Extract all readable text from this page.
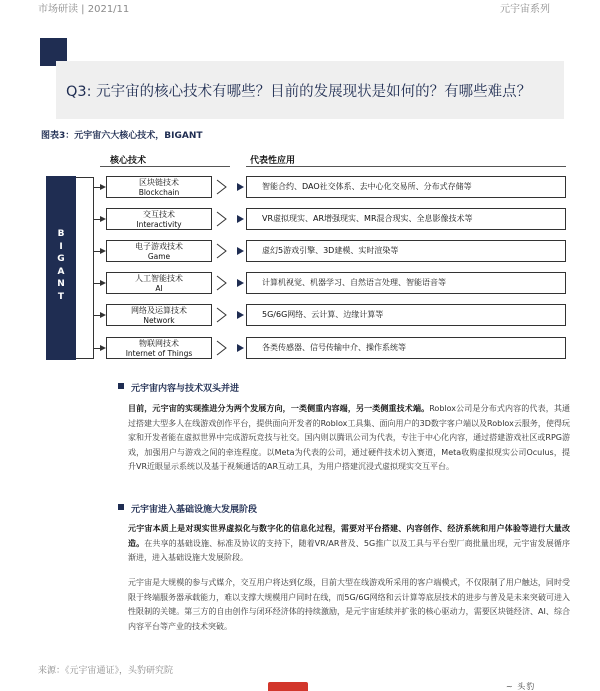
市场研读 | 2021/11	元宇宙系列
Q3: 元宇宙的核心技术有哪些？目前的发展现状是如何的？有哪些难点？
图表3：元宇宙六大核心技术，BIGANT
核心技术	代表性应用
B
I
G
A
N
T
区块链技术
Blockchain
智能合约、DAO社交体系、去中心化交易所、分布式存储等
交互技术
Interactivity
VR虚拟现实、AR增强现实、MR混合现实、全息影像技术等
电子游戏技术
Game
虚幻5游戏引擎、3D建模、实时渲染等
人工智能技术
AI
计算机视觉、机器学习、自然语言处理、智能语音等
网络及运算技术
Network
5G/6G网络、云计算、边缘计算等
物联网技术
Internet of Things
各类传感器、信号传输中介、操作系统等
元宇宙内容与技术双头并进
目前，元宇宙的实现推进分为两个发展方向，一类侧重内容端，另一类侧重技术端。Roblox公司是分布式内容的代表，其通过搭建大型多人在线游戏创作平台，提供面向开发者的Roblox工具集、面向用户的3D数字客户端以及Roblox云服务，使得玩家和开发者能在虚拟世界中完成游玩竞技与社交。国内则以腾讯公司为代表，专注于中心化内容，通过搭建游戏社区或RPG游戏，加强用户与游戏之间的牵连程度。以Meta为代表的公司，通过硬件技术切入赛道，Meta收购虚拟现实公司Oculus，提升VR近眼显示系统以及基于视频通话的AR互动工具，为用户搭建沉浸式虚拟现实交互平台。
元宇宙进入基础设施大发展阶段
元宇宙本质上是对现实世界虚拟化与数字化的信息化过程，需要对平台搭建、内容创作、经济系统和用户体验等进行大量改造。在共享的基础设施、标准及协议的支持下，随着VR/AR普及、5G推广以及工具与平台型厂商批量出现，元宇宙发展循序渐进，进入基础设施大发展阶段。
元宇宙是大规模的参与式媒介，交互用户将达到亿级，目前大型在线游戏所采用的客户端模式，不仅限制了用户触达，同时受限于终端服务器承载能力，难以支撑大规模用户同时在线，而5G/6G网络和云计算等底层技术的进步与普及是未来突破可进入性限制的关键。第三方的自由创作与闭环经济体的持续激励，是元宇宙延续并扩张的核心驱动力，需要区块链经济、AI、综合内容平台等产业的技术突破。
来源：《元宇宙通证》，头豹研究院
~ 头豹
